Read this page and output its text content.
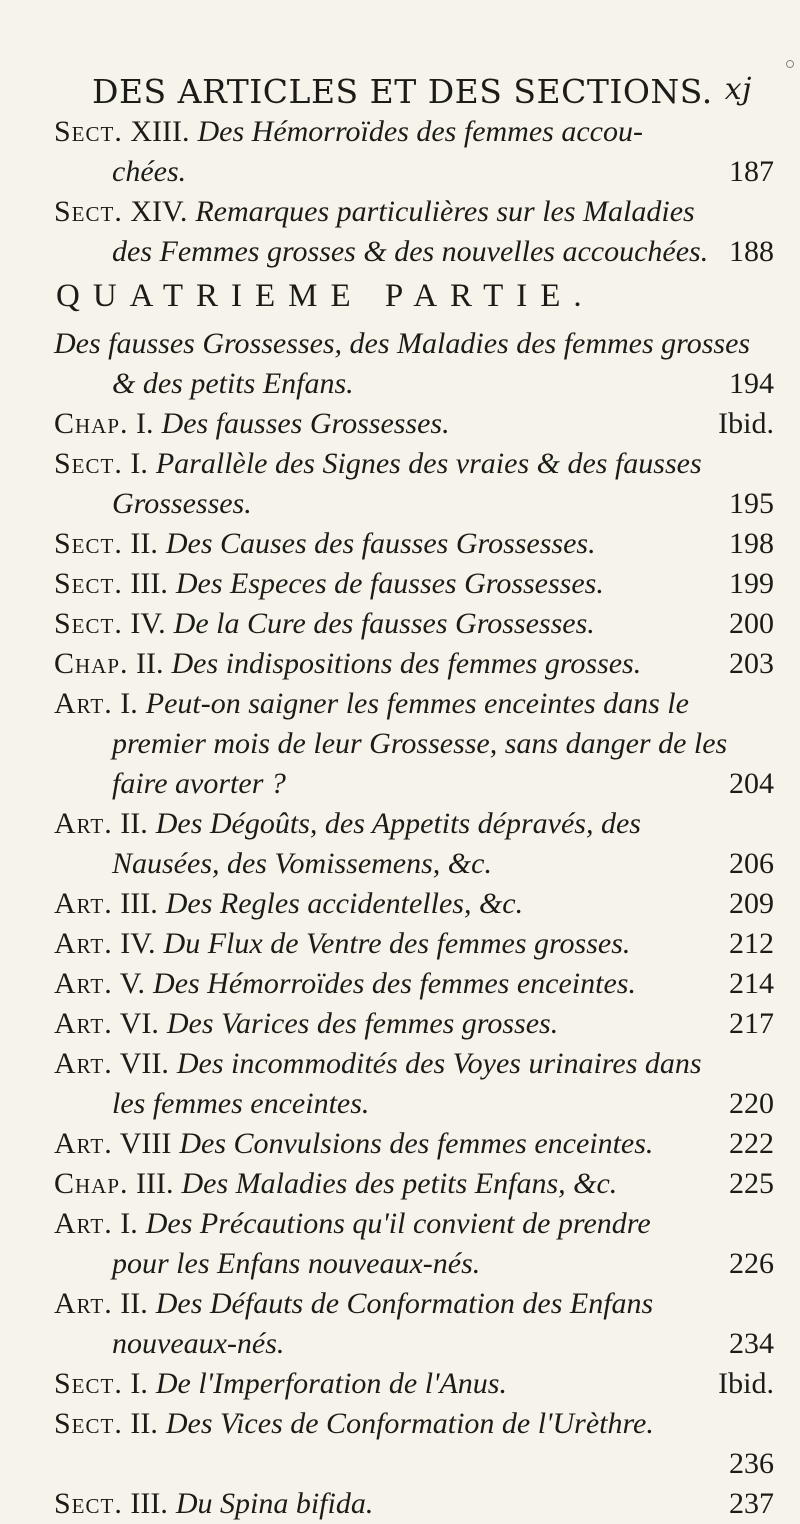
DES ARTICLES ET DES SECTIONS. xj
Sect. XIII. Des Hémorroïdes des femmes accou-
chées.	187
Sect. XIV. Remarques particulières sur les Maladies
des Femmes grosses & des nouvelles accouchées. 188
QUATRIEME PARTIE.
Des fausses Grossesses, des Maladies des femmes grosses
& des petits Enfans.	194
Chap. I. Des fausses Grossesses.	Ibid.
Sect. I. Parallèle des Signes des vraies & des fausses
Grossesses.	195
Sect. II. Des Causes des fausses Grossesses.	198
Sect. III. Des Especes de fausses Grossesses.	199
Sect. IV. De la Cure des fausses Grossesses.	200
Chap. II. Des indispositions des femmes grosses.	203
Art. I. Peut-on saigner les femmes enceintes dans le
premier mois de leur Grossesse, sans danger de les
faire avorter ?	204
Art. II. Des Dégoûts, des Appetits dépravés, des
Nausées, des Vomissemens, &c.	206
Art. III. Des Regles accidentelles, &c.	209
Art. IV. Du Flux de Ventre des femmes grosses.	212
Art. V. Des Hémorroïdes des femmes enceintes.	214
Art. VI. Des Varices des femmes grosses.	217
Art. VII. Des incommodités des Voyes urinaires dans
les femmes enceintes.	220
Art. VIII Des Convulsions des femmes enceintes.	222
Chap. III. Des Maladies des petits Enfans, &c.	225
Art. I. Des Précautions qu'il convient de prendre
pour les Enfans nouveaux-nés.	226
Art. II. Des Défauts de Conformation des Enfans
nouveaux-nés.	234
Sect. I. De l'Imperforation de l'Anus.	Ibid.
Sect. II. Des Vices de Conformation de l'Urèthre.
236
Sect. III. Du Spina bifida.	237
